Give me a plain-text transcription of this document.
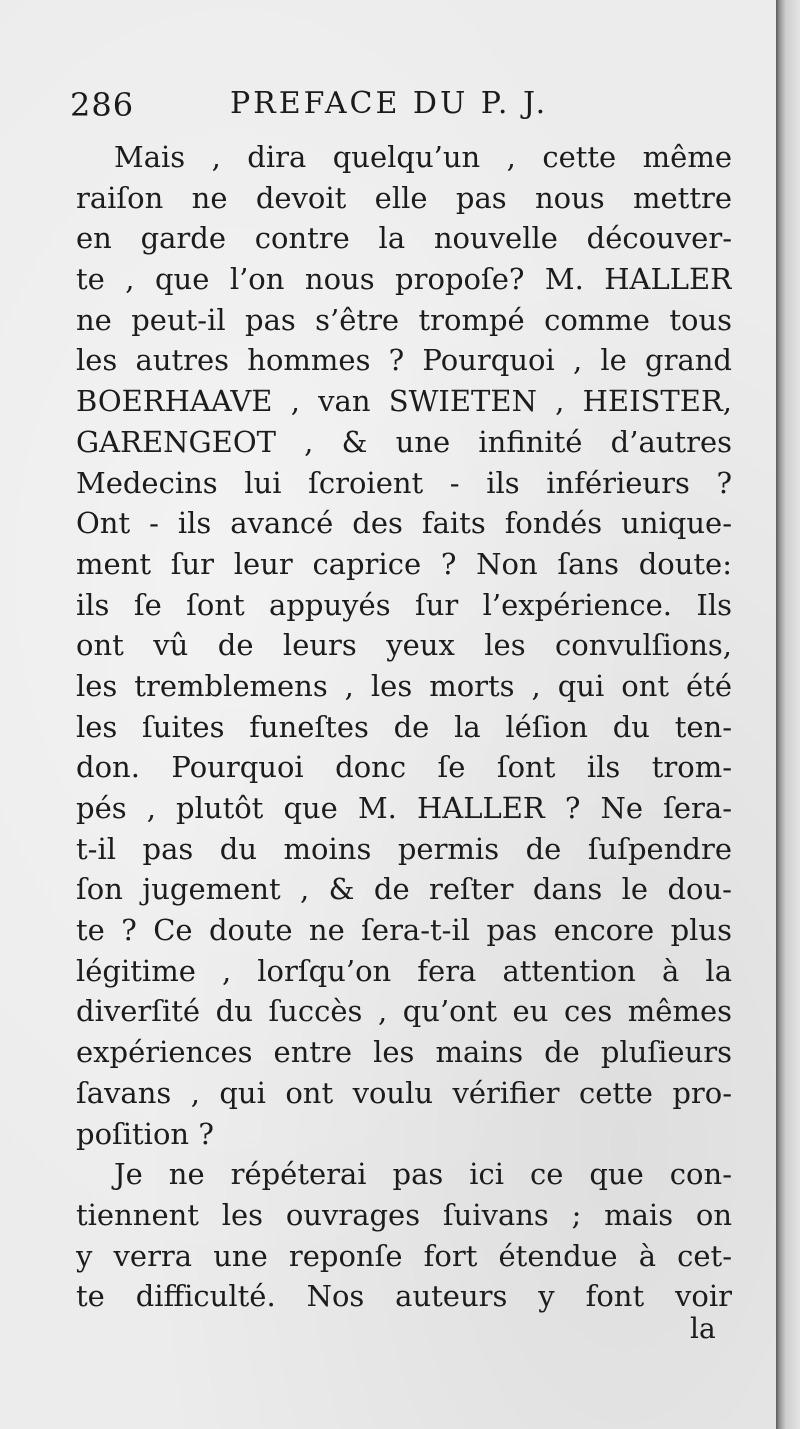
286	PREFACE DU P. J.
Mais , dira quelqu’un , cette même
raiſon ne devoit elle pas nous mettre
en garde contre la nouvelle découver-
te , que l’on nous propoſe? M. HALLER
ne peut-il pas s’être trompé comme tous
les autres hommes ? Pourquoi , le grand
BOERHAAVE , van SWIETEN , HEISTER,
GARENGEOT , & une infinité d’autres
Medecins lui ſcroient - ils inférieurs ?
Ont - ils avancé des faits fondés unique-
ment ſur leur caprice ? Non ſans doute:
ils ſe ſont appuyés ſur l’expérience. Ils
ont vû de leurs yeux les convulſions,
les tremblemens , les morts , qui ont été
les ſuites funeſtes de la léſion du ten-
don. Pourquoi donc ſe ſont ils trom-
pés , plutôt que M. HALLER ? Ne ſera-
t-il pas du moins permis de ſuſpendre
ſon jugement , & de reſter dans le dou-
te ? Ce doute ne ſera-t-il pas encore plus
légitime , lorſqu’on fera attention à la
diverſité du ſuccès , qu’ont eu ces mêmes
expériences entre les mains de pluſieurs
ſavans , qui ont voulu vérifier cette pro-
poſition ?
Je ne répéterai pas ici ce que con-
tiennent les ouvrages ſuivans ; mais on
y verra une reponſe fort étendue à cet-
te difficulté. Nos auteurs y font voir
la
